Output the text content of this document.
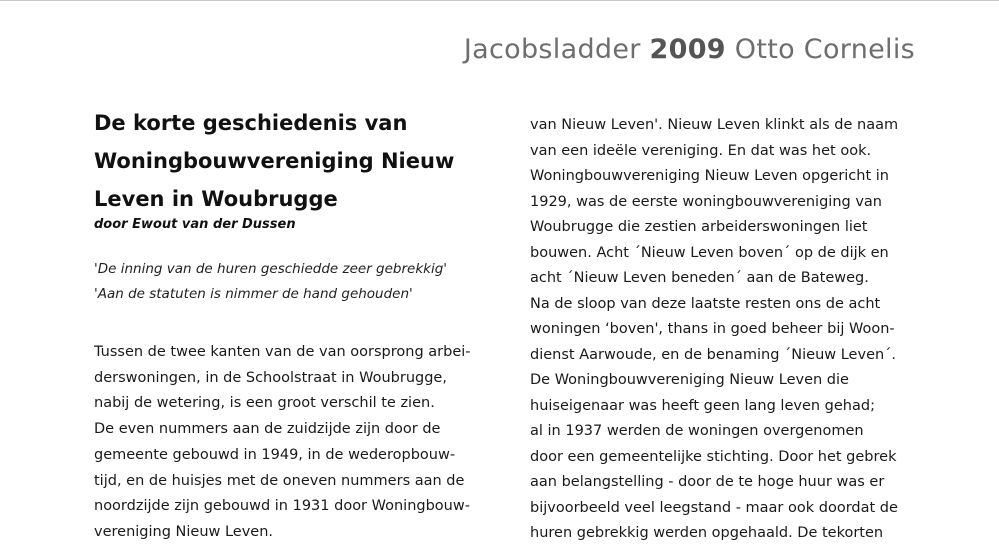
Jacobsladder 2009 Otto Cornelis
De korte geschiedenis van
Woningbouwvereniging Nieuw
Leven in Woubrugge
door Ewout van der Dussen
'De inning van de huren geschiedde zeer gebrekkig'
'Aan de statuten is nimmer de hand gehouden'
Tussen de twee kanten van de van oorsprong arbei-
derswoningen, in de Schoolstraat in Woubrugge,
nabij de wetering, is een groot verschil te zien.
De even nummers aan de zuidzijde zijn door de
gemeente gebouwd in 1949, in de wederopbouw-
tijd, en de huisjes met de oneven nummers aan de
noordzijde zijn gebouwd in 1931 door Woningbouw-
vereniging Nieuw Leven.
van Nieuw Leven'. Nieuw Leven klinkt als de naam
van een ideële vereniging. En dat was het ook.
Woningbouwvereniging Nieuw Leven opgericht in
1929, was de eerste woningbouwvereniging van
Woubrugge die zestien arbeiderswoningen liet
bouwen. Acht ´Nieuw Leven boven´ op de dijk en
acht ´Nieuw Leven beneden´ aan de Bateweg.
Na de sloop van deze laatste resten ons de acht
woningen ‘boven', thans in goed beheer bij Woon-
dienst Aarwoude, en de benaming ´Nieuw Leven´.
De Woningbouwvereniging Nieuw Leven die
huiseigenaar was heeft geen lang leven gehad;
al in 1937 werden de woningen overgenomen
door een gemeentelijke stichting. Door het gebrek
aan belangstelling - door de te hoge huur was er
bijvoorbeeld veel leegstand - maar ook doordat de
huren gebrekkig werden opgehaald. De tekorten
